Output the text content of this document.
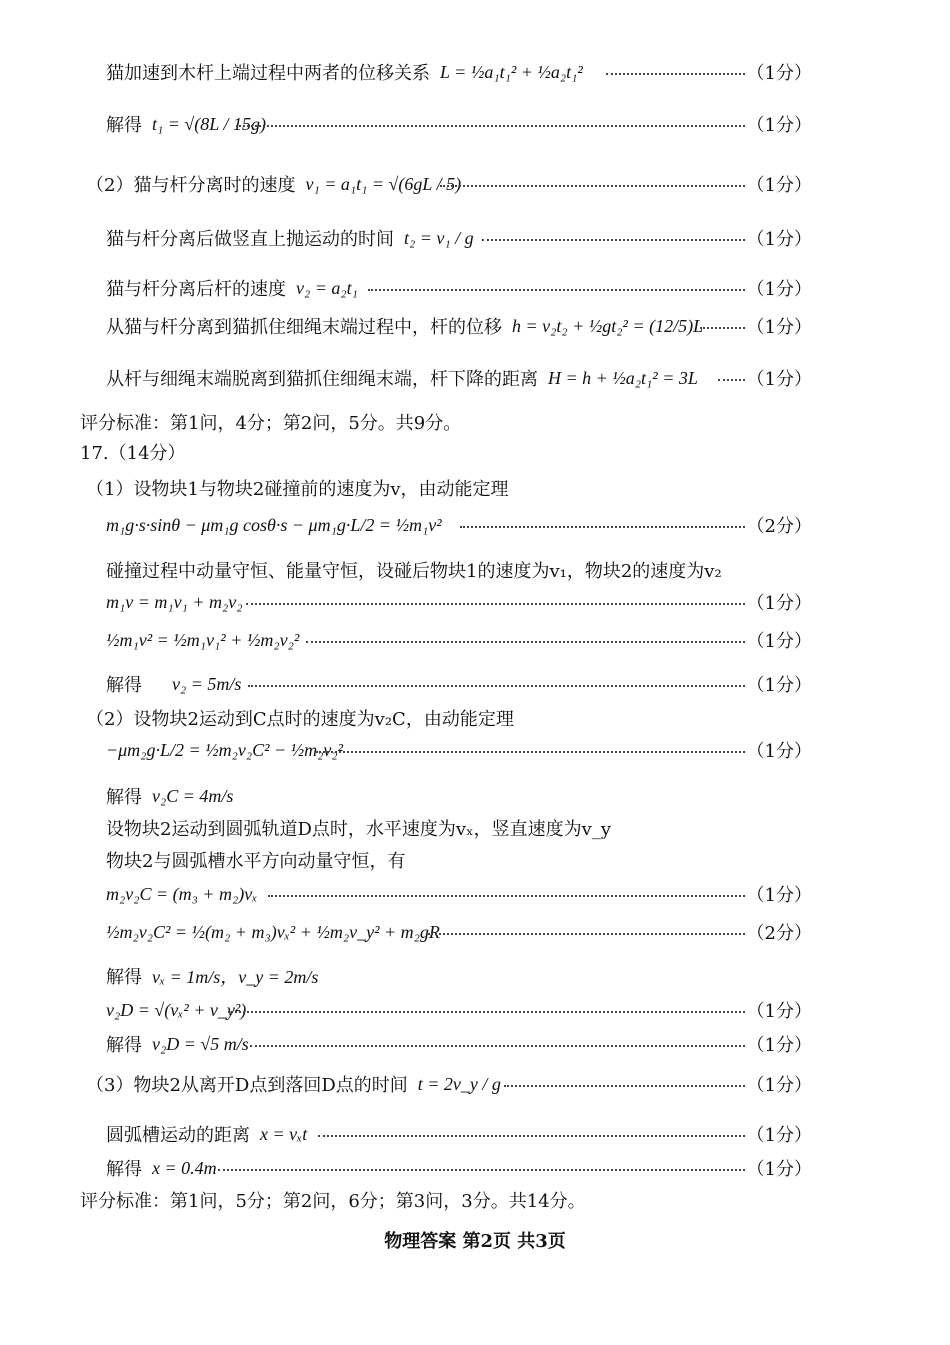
猫加速到木杆上端过程中两者的位移关系 L = ½a₁t₁² + ½a₂t₁²	（1分）
解得 t₁ = √(8L / 15g)	（1分）
（2）猫与杆分离时的速度 v₁ = a₁t₁ = √(6gL / 5)	（1分）
猫与杆分离后做竖直上抛运动的时间 t₂ = v₁ / g	（1分）
猫与杆分离后杆的速度 v₂ = a₂t₁	（1分）
从猫与杆分离到猫抓住细绳末端过程中，杆的位移 h = v₂t₂ + ½gt₂² = (12/5)L （1分）
从杆与细绳末端脱离到猫抓住细绳末端，杆下降的距离 H = h + ½a₂t₁² = 3L	（1分）
评分标准：第1问，4分；第2问，5分。共9分。
17.（14分）
（1）设物块1与物块2碰撞前的速度为v，由动能定理
m₁g·s·sinθ − μm₁g cosθ·s − μm₁g·L/2 = ½m₁v²	（2分）
碰撞过程中动量守恒、能量守恒，设碰后物块1的速度为v₁，物块2的速度为v₂
m₁v = m₁v₁ + m₂v₂	（1分）
½m₁v² = ½m₁v₁² + ½m₂v₂²	（1分）
解得 v₂ = 5m/s	（1分）
（2）设物块2运动到C点时的速度为v₂C，由动能定理
−μm₂g·L/2 = ½m₂v₂C² − ½m₂v₂²	（1分）
解得 v₂C = 4m/s
设物块2运动到圆弧轨道D点时，水平速度为vₓ，竖直速度为v_y
物块2与圆弧槽水平方向动量守恒，有
m₂v₂C = (m₃ + m₂)vₓ	（1分）
½m₂v₂C² = ½(m₂ + m₃)vₓ² + ½m₂v_y² + m₂gR	（2分）
解得 vₓ = 1m/s，v_y = 2m/s
v₂D = √(vₓ² + v_y²)	（1分）
解得 v₂D = √5 m/s	（1分）
（3）物块2从离开D点到落回D点的时间 t = 2v_y / g	（1分）
圆弧槽运动的距离 x = vₓt	（1分）
解得 x = 0.4m	（1分）
评分标准：第1问，5分；第2问，6分；第3问，3分。共14分。
物理答案 第2页 共3页
